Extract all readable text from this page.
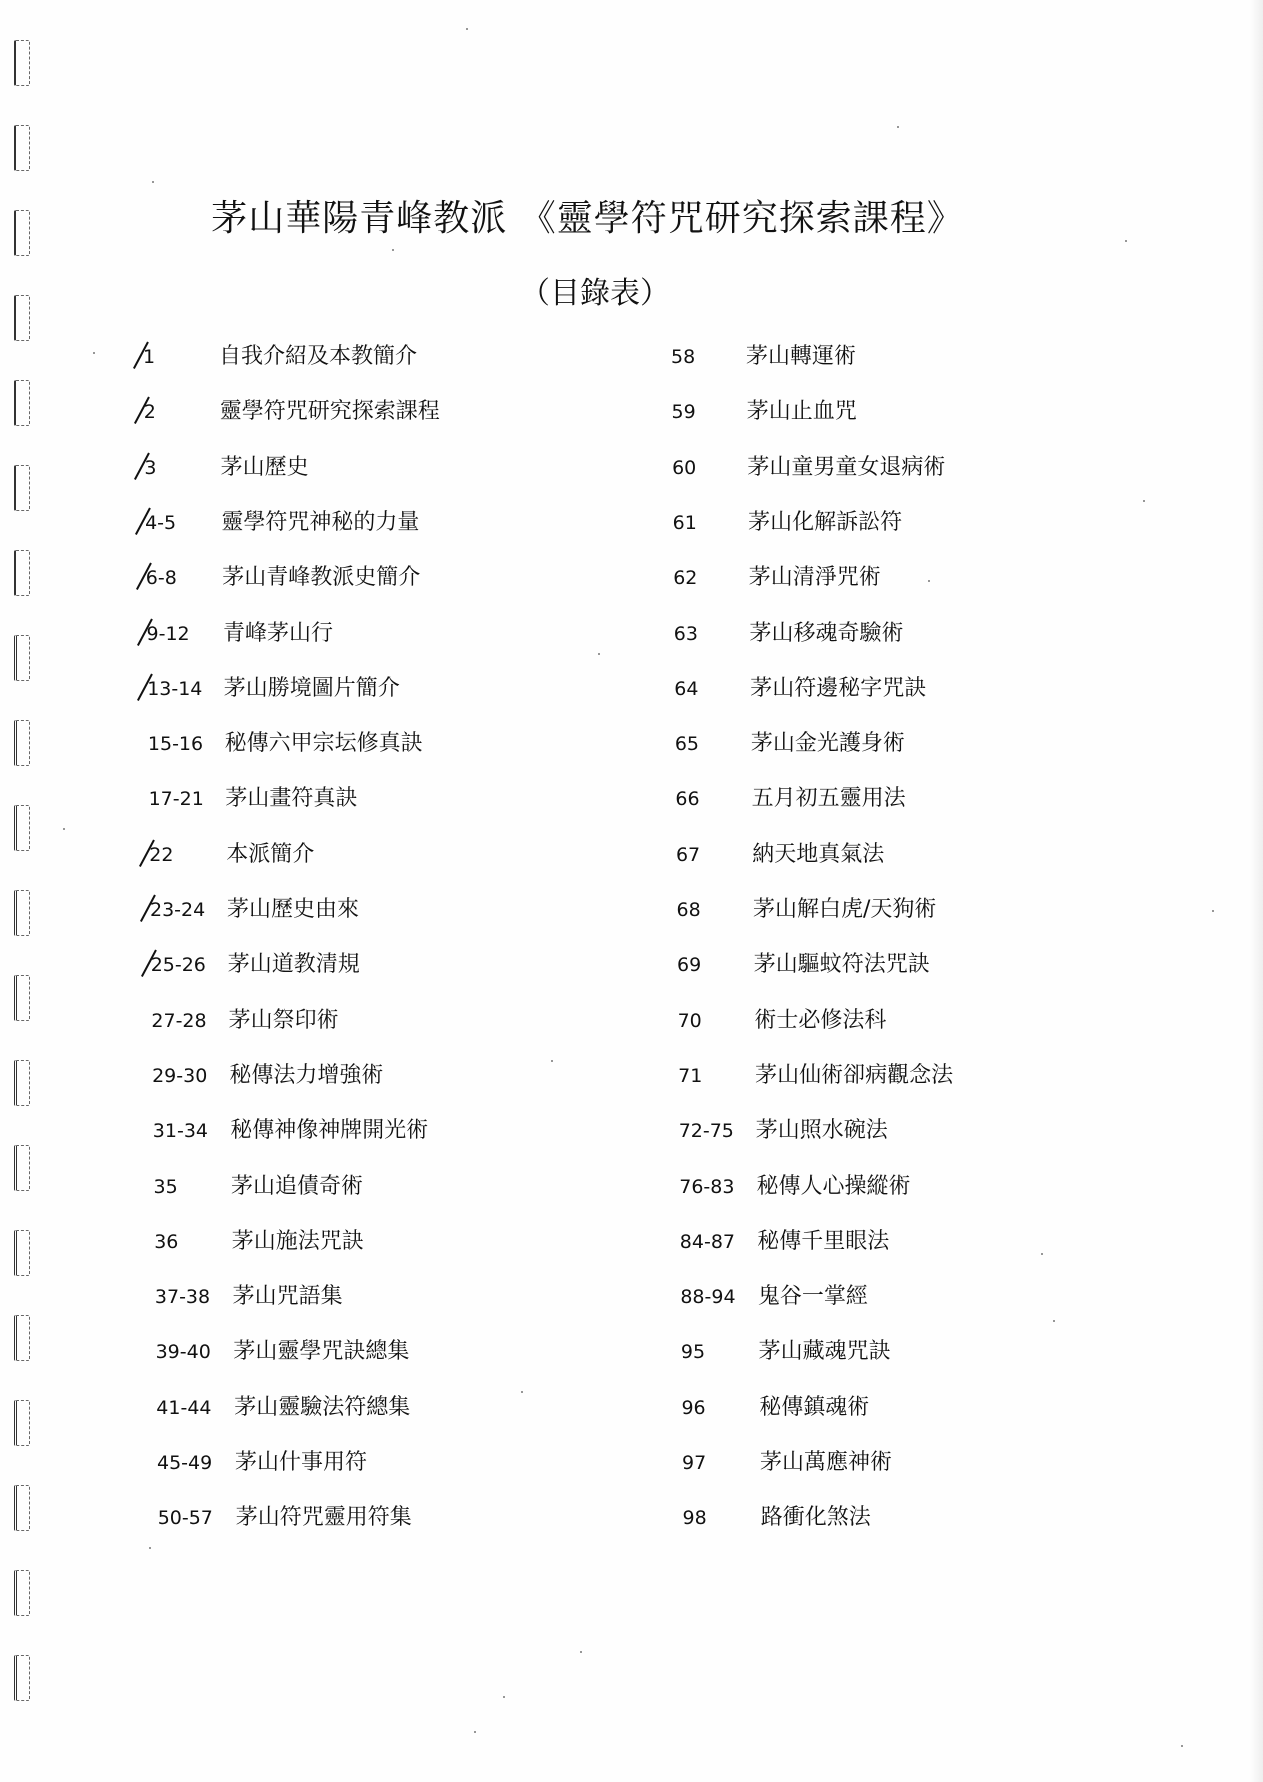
茅山華陽青峰教派 《靈學符咒研究探索課程》
（目錄表）
1	自我介紹及本教簡介
2	靈學符咒研究探索課程
3	茅山歷史
4-5 靈學符咒神秘的力量
6-8 茅山青峰教派史簡介
9-12 青峰茅山行
13-14 茅山勝境圖片簡介
15-16 秘傳六甲宗坛修真訣
17-21 茅山畫符真訣
22 本派簡介
23-24 茅山歷史由來
25-26 茅山道教清規
27-28 茅山祭印術
29-30 秘傳法力增強術
31-34 秘傳神像神牌開光術
35 茅山追債奇術
36 茅山施法咒訣
37-38 茅山咒語集
39-40 茅山靈學咒訣總集
41-44 茅山靈驗法符總集
45-49 茅山什事用符
50-57 茅山符咒靈用符集
58 茅山轉運術
59 茅山止血咒
60 茅山童男童女退病術
61 茅山化解訴訟符
62 茅山清淨咒術
63 茅山移魂奇驗術
64 茅山符邊秘字咒訣
65 茅山金光護身術
66 五月初五靈用法
67 納天地真氣法
68 茅山解白虎/天狗術
69 茅山驅蚊符法咒訣
70 術士必修法科
71 茅山仙術卻病觀念法
72-75 茅山照水碗法
76-83 秘傳人心操縱術
84-87 秘傳千里眼法
88-94 鬼谷一掌經
95 茅山藏魂咒訣
96 秘傳鎮魂術
97 茅山萬應神術
98 路衝化煞法
